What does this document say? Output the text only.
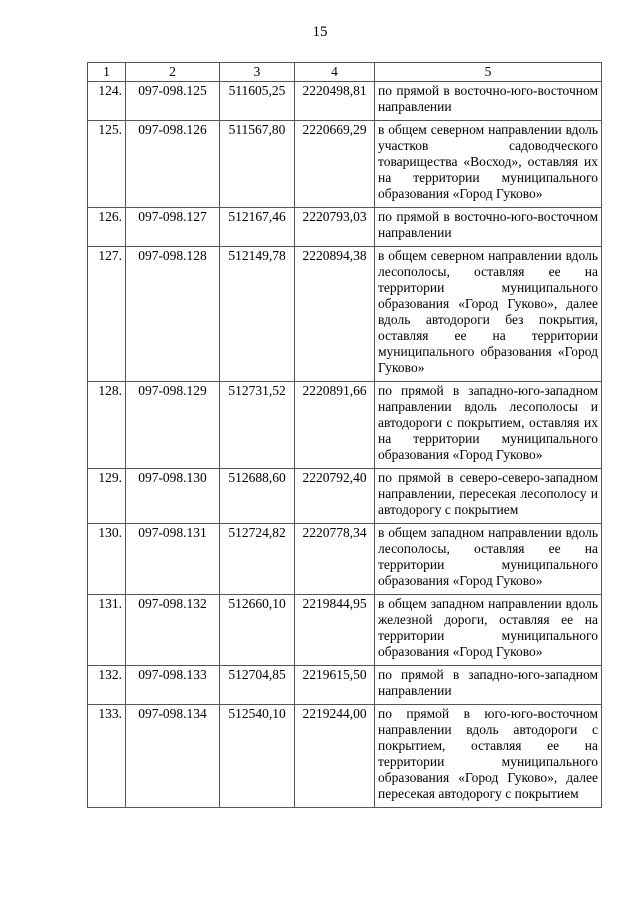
15
1	2	3	4	5
124.	097-098.125	511605,25	2220498,81	по прямой в восточно-юго-восточном направлении
125.	097-098.126	511567,80	2220669,29	в общем северном направлении вдоль участков садоводческого товарищества «Восход», оставляя их на территории муниципального образования «Город Гуково»
126.	097-098.127	512167,46	2220793,03	по прямой в восточно-юго-восточном направлении
127.	097-098.128	512149,78	2220894,38	в общем северном направлении вдоль лесополосы, оставляя ее на территории муниципального образования «Город Гуково», далее вдоль автодороги без покрытия, оставляя ее на территории муниципального образования «Город Гуково»
128.	097-098.129	512731,52	2220891,66	по прямой в западно-юго-западном направлении вдоль лесополосы и автодороги с покрытием, оставляя их на территории муниципального образования «Город Гуково»
129.	097-098.130	512688,60	2220792,40	по прямой в северо-северо-западном направлении, пересекая лесополосу и автодорогу с покрытием
130.	097-098.131	512724,82	2220778,34	в общем западном направлении вдоль лесополосы, оставляя ее на территории муниципального образования «Город Гуково»
131.	097-098.132	512660,10	2219844,95	в общем западном направлении вдоль железной дороги, оставляя ее на территории муниципального образования «Город Гуково»
132.	097-098.133	512704,85	2219615,50	по прямой в западно-юго-западном направлении
133.	097-098.134	512540,10	2219244,00	по прямой в юго-юго-восточном направлении вдоль автодороги с покрытием, оставляя ее на территории муниципального образования «Город Гуково», далее пересекая автодорогу с покрытием
